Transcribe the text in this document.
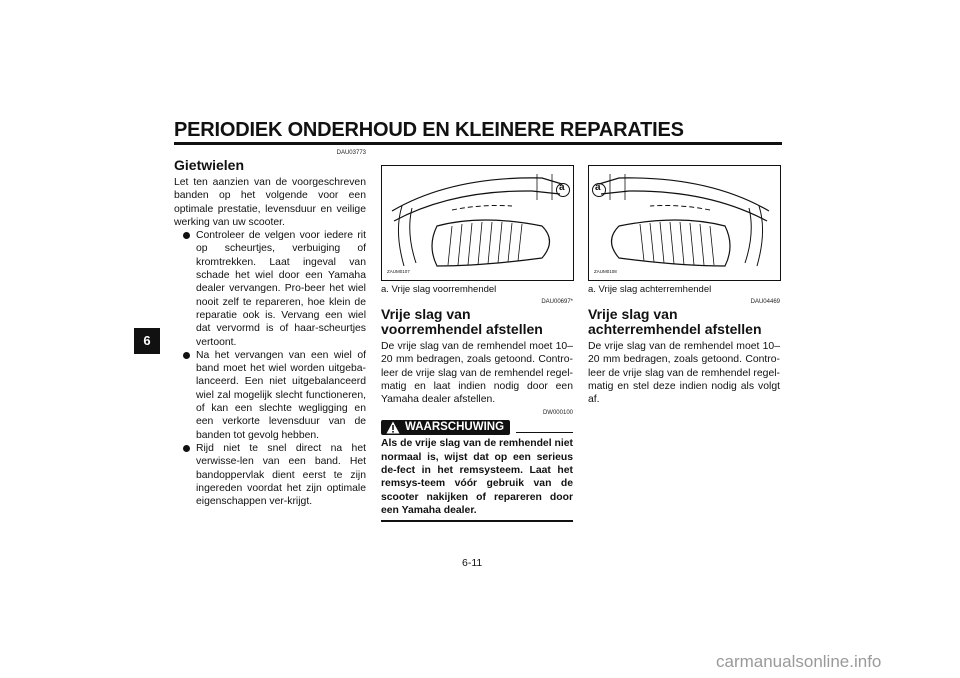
PERIODIEK ONDERHOUD EN KLEINERE REPARATIES
6
DAU03773
Gietwielen
Let ten aanzien van de voorgeschreven banden op het volgende voor een optimale prestatie, levensduur en veilige werking van uw scooter.
Controleer de velgen voor iedere rit op scheurtjes, verbuiging of kromtrekken. Laat ingeval van schade het wiel door een Yamaha dealer vervangen. Pro-beer het wiel nooit zelf te repareren, hoe klein de reparatie ook is. Vervang een wiel dat vervormd is of haar-scheurtjes vertoont.
Na het vervangen van een wiel of band moet het wiel worden uitgeba-lanceerd. Een niet uitgebalanceerd wiel zal mogelijk slecht functioneren, of kan een slechte wegligging en een verkorte levensduur van de banden tot gevolg hebben.
Rijd niet te snel direct na het verwisse-len van een band. Het bandoppervlak dient eerst te zijn ingereden voordat het zijn optimale eigenschappen ver-krijgt.
a
ZAUM0107
a. Vrije slag voorremhendel
DAU00697*
Vrije slag van voorremhendel afstellen
De vrije slag van de remhendel moet 10–20 mm bedragen, zoals getoond. Contro-leer de vrije slag van de remhendel regel-matig en laat indien nodig door een Yamaha dealer afstellen.
DW000100
WAARSCHUWING
Als de vrije slag van de remhendel niet normaal is, wijst dat op een serieus de-fect in het remsysteem. Laat het remsys-teem vóór gebruik van de scooter nakijken of repareren door een Yamaha dealer.
a
ZAUM0108
a. Vrije slag achterremhendel
DAU04469
Vrije slag van achterremhendel afstellen
De vrije slag van de remhendel moet 10–20 mm bedragen, zoals getoond. Contro-leer de vrije slag van de remhendel regel-matig en stel deze indien nodig als volgt af.
6-11
carmanualsonline.info
